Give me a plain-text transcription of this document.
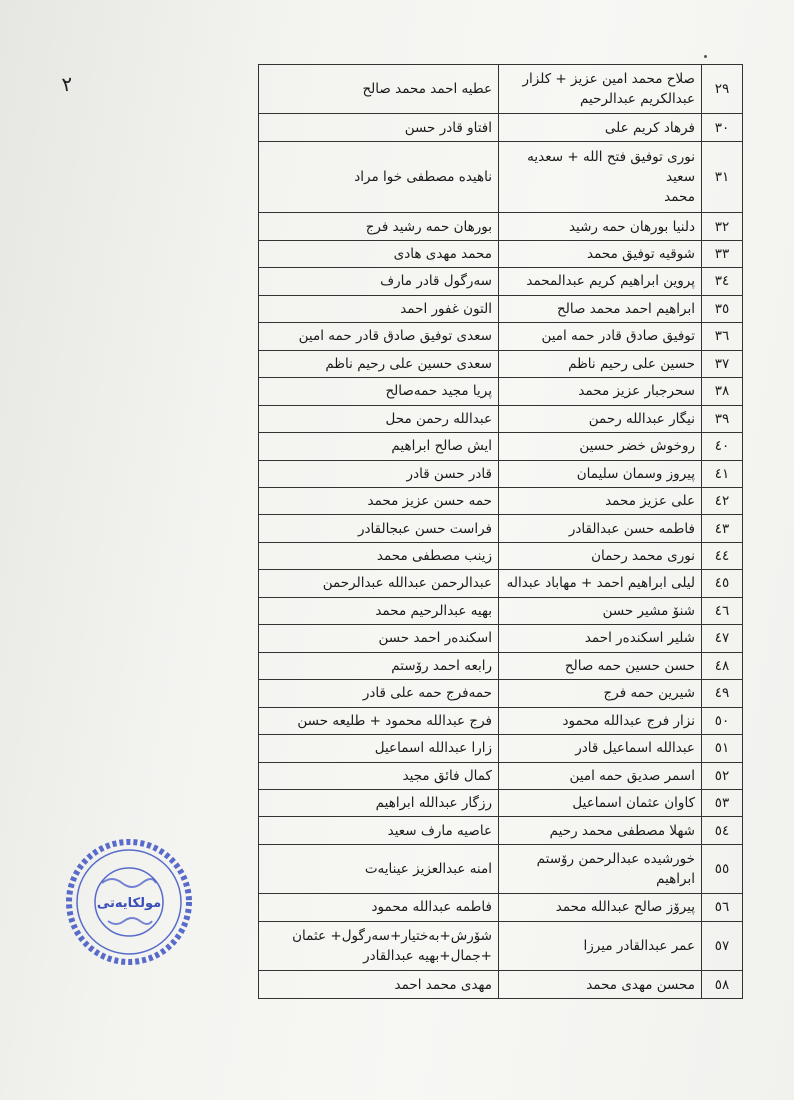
٢	٢٩	صلاح محمد امين عزيز + كلزار
عبدالكريم عبدالرحيم	عطيه احمد محمد صالح
٣٠	فرهاد كريم على	افتاو قادر حسن
٣١	نورى توفيق فتح الله + سعديه سعيد
محمد	ناهيده مصطفى خوا مراد
٣٢	دلنيا بورهان حمه رشيد	بورهان حمه رشيد فرج
٣٣	شوقيه توفيق محمد	محمد مهدى هادى
٣٤	پروين ابراهيم كريم عبدالمحمد	سه‌رگول قادر مارف
٣٥	ابراهيم احمد محمد صالح	التون غفور احمد
٣٦	توفيق صادق قادر حمه امين	سعدى توفيق صادق قادر حمه امين
٣٧	حسين على رحيم ناظم	سعدى حسين على رحيم ناظم
٣٨	سحرجبار عزيز محمد	پريا مجيد حمه‌صالح
٣٩	نيگار عبدالله رحمن	عبدالله رحمن محل
٤٠	روخوش خضر حسين	ايش صالح ابراهيم
٤١	پيروز وسمان سليمان	قادر حسن قادر
٤٢	على عزيز محمد	حمه حسن عزيز محمد
٤٣	فاطمه حسن عبدالقادر	فراست حسن عبجالقادر
٤٤	نورى محمد رحمان	زينب مصطفى محمد
٤٥	ليلى ابراهيم احمد + مهاباد عبداله	عبدالرحمن عبدالله عبدالرحمن
٤٦	شنۆ مشير حسن	بهيه عبدالرحيم محمد
٤٧	شلير اسكندەر احمد	اسكندەر احمد حسن
٤٨	حسن حسين حمه صالح	رابعه احمد رۆستم
٤٩	شيرين حمه فرج	حمه‌فرج حمه على قادر
٥٠	نزار فرج عبدالله محمود	فرج عبدالله محمود + طليعه حسن
٥١	عبدالله اسماعيل قادر	زارا عبدالله اسماعيل
٥٢	اسمر صديق حمه امين	كمال فائق مجيد
٥٣	كاوان عثمان اسماعيل	رزگار عبدالله ابراهيم
٥٤	شهلا مصطفى محمد رحيم	عاصيه مارف سعيد
٥٥	خورشيده عبدالرحمن رۆستم ابراهيم	امنه عبدالعزيز عينايەت
٥٦	پيرۆز صالح عبدالله محمد	فاطمه عبدالله محمود
٥٧	عمر عبدالقادر ميرزا	شۆرش+بەختيار+سەرگول+ عثمان
+جمال+بهيه عبدالقادر
٥٨	محسن مهدى محمد	مهدى محمد احمد
مولكايه‌تى
